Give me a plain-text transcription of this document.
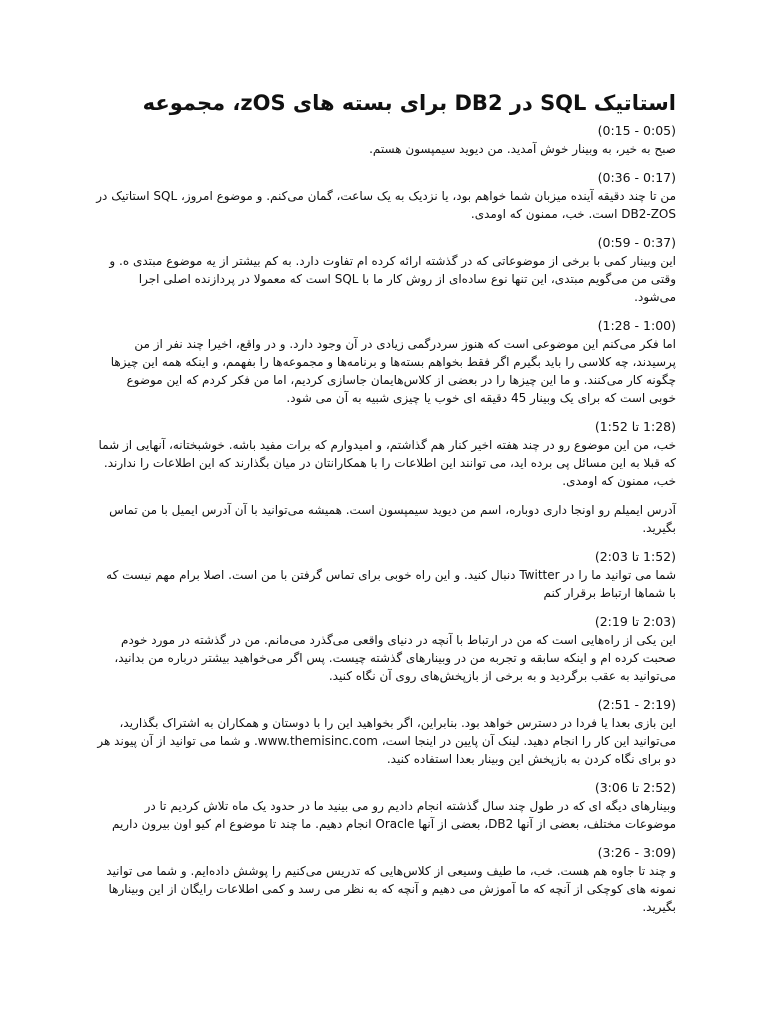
استاتیک SQL در DB2 برای بسته های zOS، مجموعه
(0:15 - 0:05)

صبح به خیر، به وبینار خوش آمدید. من دیوید سیمپسون هستم.

(0:36 - 0:17)

من تا چند دقیقه آینده میزبان شما خواهم بود، یا نزدیک به یک ساعت، گمان می‌کنم. و موضوع امروز، SQL استاتیک در DB2-ZOS است. خب، ممنون که اومدی.

(0:59 - 0:37)

این وبینار کمی با برخی از موضوعاتی که در گذشته ارائه کرده ام تفاوت دارد. به کم بیشتر از یه موضوع مبتدی ه. و وقتی من می‌گویم مبتدی، این تنها نوع ساده‌ای از روش کار ما با SQL است که معمولا در پردازنده اصلی اجرا می‌شود.

(1:28 - 1:00)

اما فکر می‌کنم این موضوعی است که هنوز سردرگمی زیادی در آن وجود دارد. و در واقع، اخیرا چند نفر از من پرسیدند، چه کلاسی را باید بگیرم اگر فقط بخواهم بسته‌ها و برنامه‌ها و مجموعه‌ها را بفهمم، و اینکه همه این چیزها چگونه کار می‌کنند. و ما این چیزها را در بعضی از کلاس‌هایمان جاسازی کردیم، اما من فکر کردم که این موضوع خوبی است که برای یک وبینار 45 دقیقه ای خوب یا چیزی شبیه به آن می شود.

(1:28 تا 1:52)

خب، من این موضوع رو در چند هفته اخیر کنار هم گذاشتم، و امیدوارم که برات مفید باشه. خوشبختانه، آنهایی از شما که قبلا به این مسائل پی برده اید، می توانند این اطلاعات را با همکارانتان در میان بگذارند که این اطلاعات را ندارند. خب، ممنون که اومدی.

آدرس ایمیلم رو اونجا داری دوباره، اسم من دیوید سیمپسون است. همیشه می‌توانید با آن آدرس ایمیل با من تماس بگیرید.

(1:52 تا 2:03)

شما می توانید ما را در Twitter دنبال کنید. و این راه خوبی برای تماس گرفتن با من است. اصلا برام مهم نیست که با شماها ارتباط برقرار کنم

(2:03 تا 2:19)

این یکی از راه‌هایی است که من در ارتباط با آنچه در دنیای واقعی می‌گذرد می‌مانم. من در گذشته در مورد خودم صحبت کرده ام و اینکه سابقه و تجربه من در وبینارهای گذشته چیست. پس اگر می‌خواهید بیشتر درباره من بدانید، می‌توانید به عقب برگردید و به برخی از بازپخش‌های روی آن نگاه کنید.

(2:51 - 2:19)

این بازی بعدا یا فردا در دسترس خواهد بود. بنابراین، اگر بخواهید این را با دوستان و همکاران به اشتراک بگذارید، می‌توانید این کار را انجام دهید. لینک آن پایین در اینجا است، www.themisinc.com. و شما می توانید از آن پیوند هر دو برای نگاه کردن به بازپخش این وبینار بعدا استفاده کنید.

(2:52 تا 3:06)

وبینارهای دیگه ای که در طول چند سال گذشته انجام دادیم رو می بینید ما در حدود یک ماه تلاش کردیم تا در موضوعات مختلف، بعضی از آنها DB2، بعضی از آنها Oracle انجام دهیم. ما چند تا موضوع ام کیو اون بیرون داریم

(3:26 - 3:09)

و چند تا جاوه هم هست. خب، ما طیف وسیعی از کلاس‌هایی که تدریس می‌کنیم را پوشش داده‌ایم. و شما می توانید نمونه های کوچکی از آنچه که ما آموزش می دهیم و آنچه که به نظر می رسد و کمی اطلاعات رایگان از این وبینارها بگیرید.
